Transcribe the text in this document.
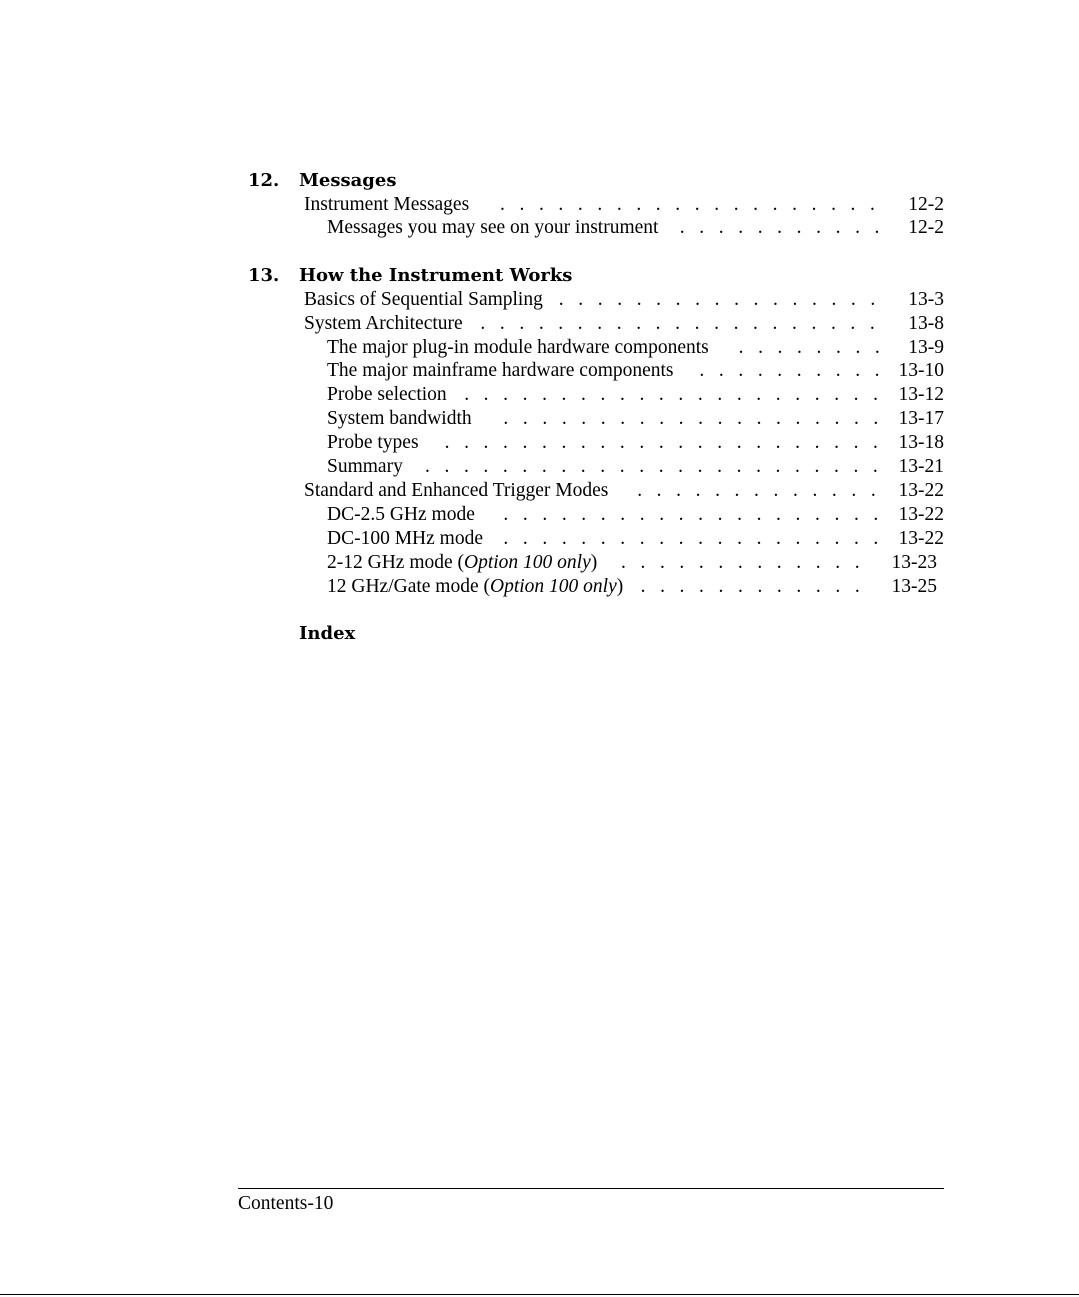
12. Messages
Instrument Messages .................... 12-2
Messages you may see on your instrument ........... 12-2
13. How the Instrument Works
Basics of Sequential Sampling ................. 13-3
System Architecture ..................... 13-8
The major plug-in module hardware components ........ 13-9
The major mainframe hardware components .......... 13-10
Probe selection ...................... 13-12
System bandwidth .................... 13-17
Probe types ....................... 13-18
Summary ........................ 13-21
Standard and Enhanced Trigger Modes ............. 13-22
DC-2.5 GHz mode .................... 13-22
DC-100 MHz mode .................... 13-22
2-12 GHz mode (Option 100 only) ............. 13-23
12 GHz/Gate mode (Option 100 only) ............ 13-25
Index
Contents-10
